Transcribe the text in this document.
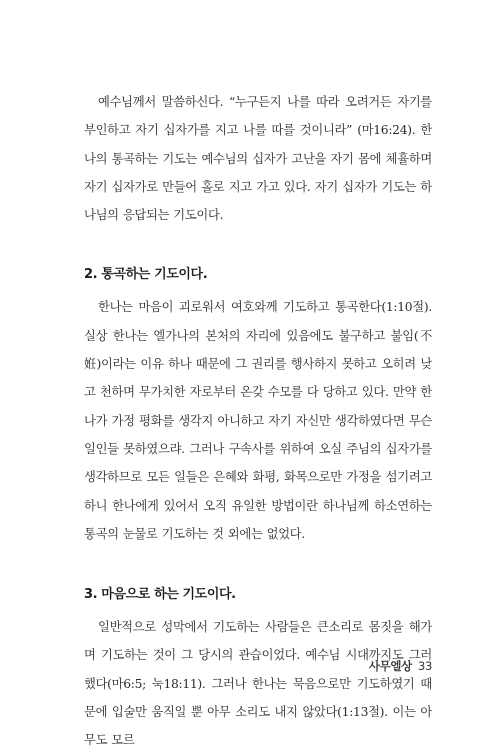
예수님께서 말씀하신다. “누구든지 나를 따라 오려거든 자기를 부인하고 자기 십자가를 지고 나를 따를 것이니라” (마16:24). 한나의 통곡하는 기도는 예수님의 십자가 고난을 자기 몸에 체휼하며 자기 십자가로 만들어 홀로 지고 가고 있다. 자기 십자가 기도는 하나님의 응답되는 기도이다.

2. 통곡하는 기도이다.

한나는 마음이 괴로워서 여호와께 기도하고 통곡한다(1:10절). 실상 한나는 엘가나의 본처의 자리에 있음에도 불구하고 불임(不姙)이라는 이유 하나 때문에 그 권리를 행사하지 못하고 오히려 낮고 천하며 무가치한 자로부터 온갖 수모를 다 당하고 있다. 만약 한나가 가정 평화를 생각지 아니하고 자기 자신만 생각하였다면 무슨 일인들 못하였으랴. 그러나 구속사를 위하여 오실 주님의 십자가를 생각하므로 모든 일들은 은혜와 화평, 화목으로만 가정을 섬기려고 하니 한나에게 있어서 오직 유일한 방법이란 하나님께 하소연하는 통곡의 눈물로 기도하는 것 외에는 없었다.

3. 마음으로 하는 기도이다.

일반적으로 성막에서 기도하는 사람들은 큰소리로 몸짓을 해가며 기도하는 것이 그 당시의 관습이었다. 예수님 시대까지도 그러했다(마6:5; 눅18:11). 그러나 한나는 묵음으로만 기도하였기 때문에 입술만 움직일 뿐 아무 소리도 내지 않았다(1:13절). 이는 아무도 모르

사무엘상 33
